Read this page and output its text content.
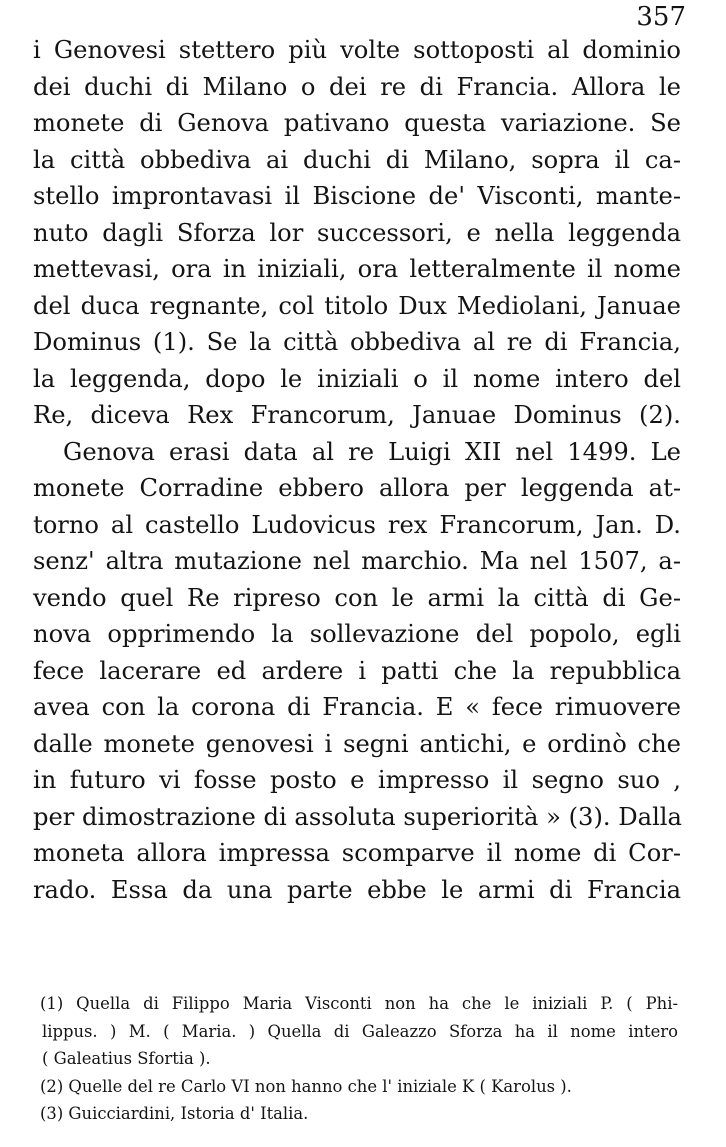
357
i Genovesi stettero più volte sottoposti al dominio
dei duchi di Milano o dei re di Francia. Allora le
monete di Genova pativano questa variazione. Se
la città obbediva ai duchi di Milano, sopra il ca-
stello improntavasi il Biscione de' Visconti, mante-
nuto dagli Sforza lor successori, e nella leggenda
mettevasi, ora in iniziali, ora letteralmente il nome
del duca regnante, col titolo Dux Mediolani, Januae
Dominus (1). Se la città obbediva al re di Francia,
la leggenda, dopo le iniziali o il nome intero del
Re, diceva Rex Francorum, Januae Dominus (2).
Genova erasi data al re Luigi XII nel 1499. Le
monete Corradine ebbero allora per leggenda at-
torno al castello Ludovicus rex Francorum, Jan. D.
senz' altra mutazione nel marchio. Ma nel 1507, a-
vendo quel Re ripreso con le armi la città di Ge-
nova opprimendo la sollevazione del popolo, egli
fece lacerare ed ardere i patti che la repubblica
avea con la corona di Francia. E « fece rimuovere
dalle monete genovesi i segni antichi, e ordinò che
in futuro vi fosse posto e impresso il segno suo ,
per dimostrazione di assoluta superiorità » (3). Dalla
moneta allora impressa scomparve il nome di Cor-
rado. Essa da una parte ebbe le armi di Francia
(1) Quella di Filippo Maria Visconti non ha che le iniziali P. ( Phi-
lippus. ) M. ( Maria. ) Quella di Galeazzo Sforza ha il nome intero
( Galeatius Sfortia ).
(2) Quelle del re Carlo VI non hanno che l' iniziale K ( Karolus ).
(3) Guicciardini, Istoria d' Italia.
